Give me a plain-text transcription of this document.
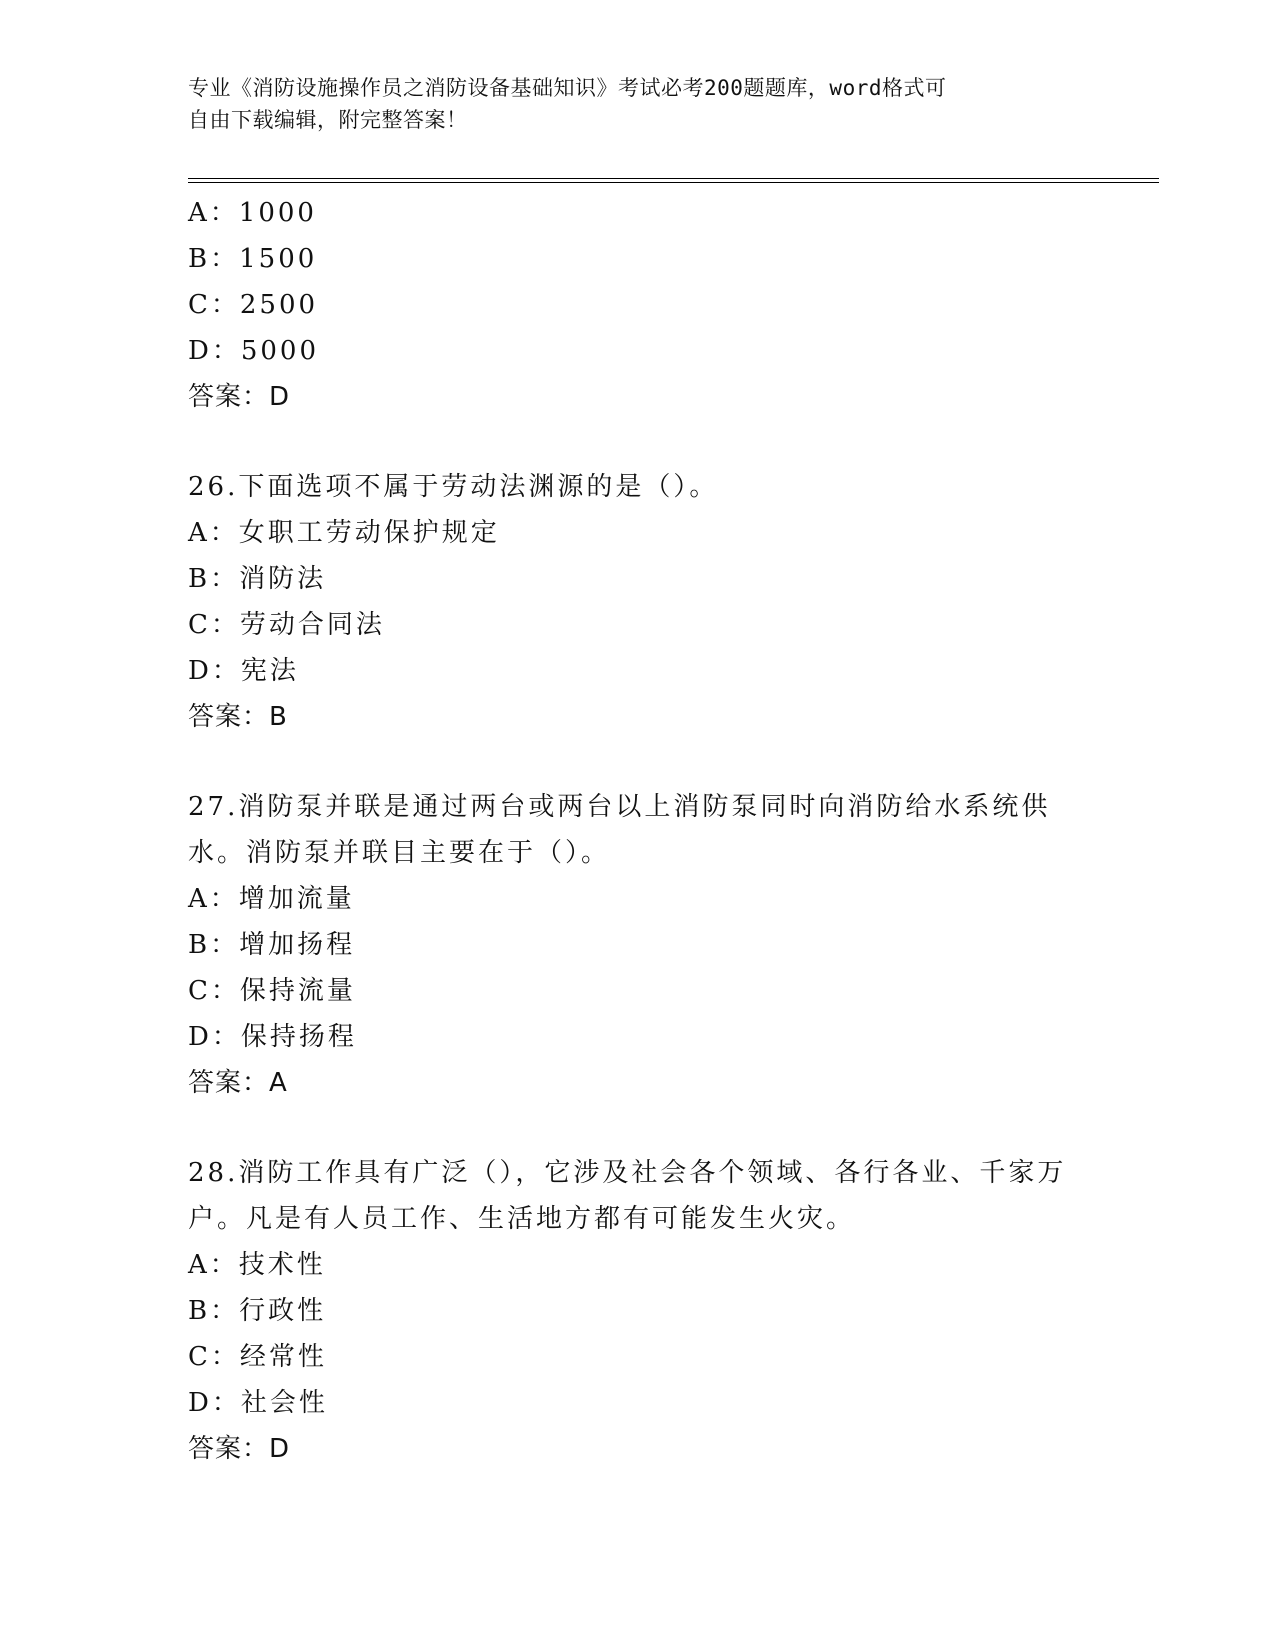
专业《消防设施操作员之消防设备基础知识》考试必考200题题库，word格式可
自由下载编辑，附完整答案！
A：1000
B：1500
C：2500
D：5000
答案：D
26.下面选项不属于劳动法渊源的是（）。
A：女职工劳动保护规定
B：消防法
C：劳动合同法
D：宪法
答案：B
27.消防泵并联是通过两台或两台以上消防泵同时向消防给水系统供水。消防泵并联目主要在于（）。
A：增加流量
B：增加扬程
C：保持流量
D：保持扬程
答案：A
28.消防工作具有广泛（），它涉及社会各个领域、各行各业、千家万户。凡是有人员工作、生活地方都有可能发生火灾。
A：技术性
B：行政性
C：经常性
D：社会性
答案：D
